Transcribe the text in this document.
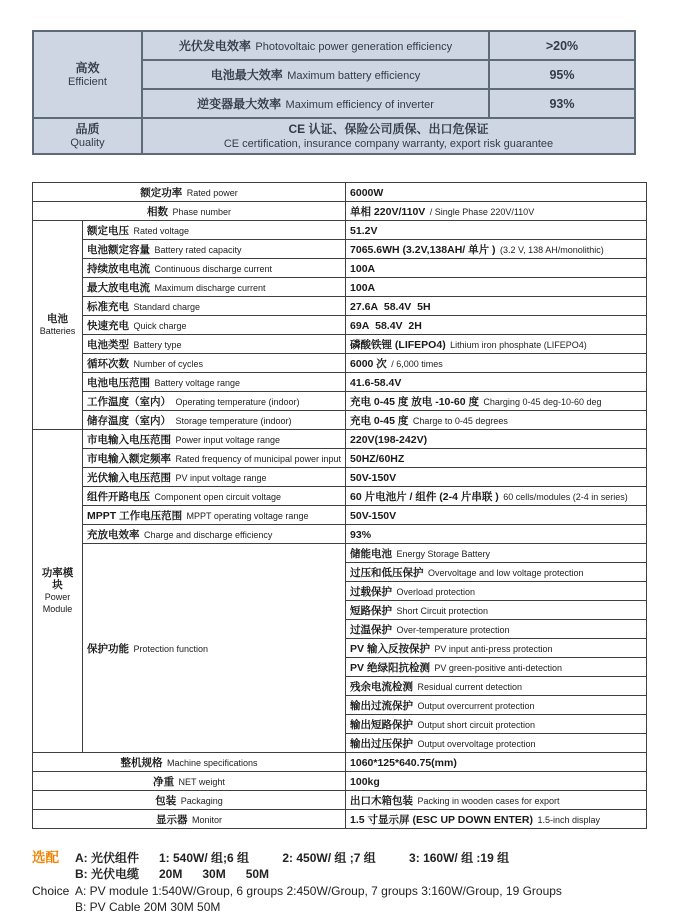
高效
Efficient	光伏发电效率 Photovoltaic power generation efficiency	>20%
	电池最大效率 Maximum battery efficiency	95%
	逆变器最大效率 Maximum efficiency of inverter	93%
品质
Quality	CE 认证、保险公司质保、出口危保证
CE certification, insurance company warranty, export risk guarantee	
额定功率 Rated power		6000W
相数 Phase number		单相 220V/110V / Single Phase 220V/110V
电池
Batteries	额定电压 Rated voltage	51.2V
	电池额定容量 Battery rated capacity	7065.6WH (3.2V,138AH/ 单片 ) (3.2 V, 138 AH/monolithic)
	持续放电电流 Continuous discharge current	100A
	最大放电电流 Maximum discharge current	100A
	标准充电 Standard charge	27.6A  58.4V  5H
	快速充电 Quick charge	69A  58.4V  2H
	电池类型 Battery type	磷酸铁锂 (LIFEPO4) Lithium iron phosphate (LIFEPO4)
	循环次数 Number of cycles	6000 次 / 6,000 times
	电池电压范围 Battery voltage range	41.6-58.4V
	工作温度（室内） Operating temperature (indoor)	充电 0-45 度 放电 -10-60 度 Charging 0-45 deg-10-60 deg
	储存温度（室内） Storage temperature (indoor)	充电 0-45 度 Charge to 0-45 degrees
功率模块
Power
Module	市电输入电压范围 Power input voltage range	220V(198-242V)
	市电输入额定频率 Rated frequency of municipal power input	50HZ/60HZ
	光伏输入电压范围 PV input voltage range	50V-150V
	组件开路电压 Component open circuit voltage	60 片电池片 / 组件 (2-4 片串联 ) 60 cells/modules (2-4 in series)
	MPPT 工作电压范围 MPPT operating voltage range	50V-150V
	充放电效率 Charge and discharge efficiency	93%
	保护功能 Protection function	储能电池 Energy Storage Battery
		过压和低压保护 Overvoltage and low voltage protection
		过载保护 Overload protection
		短路保护 Short Circuit protection
		过温保护 Over-temperature protection
		PV 输入反按保护 PV input anti-press protection
		PV 绝绿阳抗检测 PV green-positive anti-detection
		残余电流检测 Residual current detection
		输出过流保护 Output overcurrent protection
		输出短路保护 Output short circuit protection
		输出过压保护 Output overvoltage protection
整机规格 Machine specifications		1060*125*640.75(mm)
净重 NET weight		100kg
包装 Packaging		出口木箱包装 Packing in wooden cases for export
显示器 Monitor		1.5 寸显示屏 (ESC UP DOWN ENTER) 1.5-inch display
选配	A: 光伏组件      1: 540W/ 组;6 组          2: 450W/ 组 ;7 组          3: 160W/ 组 :19 组
B: 光伏电缆      20M      30M      50M
Choice A: PV module 1:540W/Group, 6 groups 2:450W/Group, 7 groups 3:160W/Group, 19 Groups
B: PV Cable 20M 30M 50M
